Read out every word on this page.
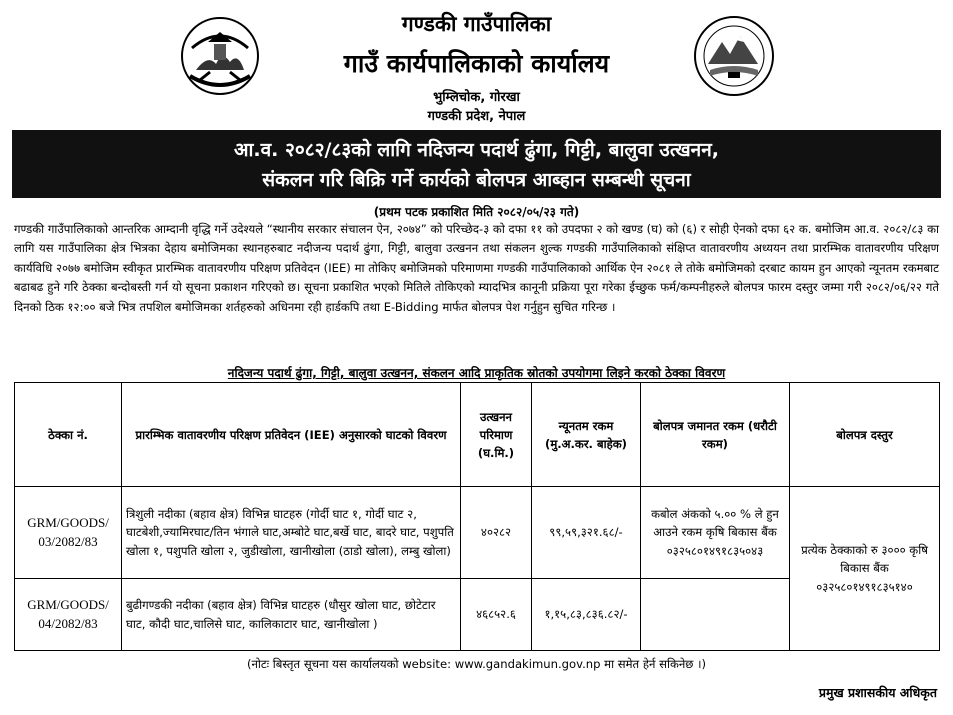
गण्डकी गाउँपालिका
गाउँ कार्यपालिकाको कार्यालय
भुम्लिचोक, गोरखा
गण्डकी प्रदेश, नेपाल
आ.व. २०८२/८३को लागि नदिजन्य पदार्थ ढुंगा, गिट्टी, बालुवा उत्खनन,
संकलन गरि बिक्रि गर्ने कार्यको बोलपत्र आब्हान सम्बन्धी सूचना
(प्रथम पटक प्रकाशित मिति २०८२/०५/२३ गते)
गण्डकी गाउँपालिकाको आन्तरिक आम्दानी वृद्धि गर्ने उदेश्यले “स्थानीय सरकार संचालन ऐन, २०७४” को परिच्छेद-३ को दफा ११ को उपदफा २ को खण्ड (घ) को (६) र सोही ऐनको दफा ६२ क. बमोजिम आ.व. २०८२/८३ का लागि यस गाउँपालिका क्षेत्र भित्रका देहाय बमोजिमका स्थानहरुबाट नदीजन्य पदार्थ ढुंगा, गिट्टी, बालुवा उत्खनन तथा संकलन शुल्क गण्डकी गाउँपालिकाको संक्षिप्त वातावरणीय अध्ययन तथा प्रारम्भिक वातावरणीय परिक्षण कार्यविधि २०७७ बमोजिम स्वीकृत प्रारम्भिक वातावरणीय परिक्षण प्रतिवेदन (IEE) मा तोकिए बमोजिमको परिमाणमा गण्डकी गाउँपालिकाको आर्थिक ऐन २०८१ ले तोके बमोजिमको दरबाट कायम हुन आएको न्यूनतम रकमबाट बढाबढ हुने गरि ठेक्का बन्दोबस्ती गर्न यो सूचना प्रकाशन गरिएको छ। सूचना प्रकाशित भएको मितिले तोकिएको म्यादभित्र कानूनी प्रक्रिया पूरा गरेका ईच्छुक फर्म/कम्पनीहरुले बोलपत्र फारम दस्तुर जम्मा गरी २०८२/०६/२२ गते दिनको ठिक १२:०० बजे भित्र तपशिल बमोजिमका शर्तहरुको अधिनमा रही हार्डकपि तथा E-Bidding मार्फत बोलपत्र पेश गर्नुहुन सुचित गरिन्छ ।
नदिजन्य पदार्थ ढुंगा, गिट्टी, बालुवा उत्खनन, संकलन आदि प्राकृतिक स्रोतको उपयोगमा लिइने करको ठेक्का विवरण
ठेक्का नं.	प्रारम्भिक वातावरणीय परिक्षण प्रतिवेदन (IEE) अनुसारको घाटको विवरण	उत्खनन परिमाण (घ.मि.)	न्यूनतम रकम (मु.अ.कर. बाहेक)	बोलपत्र जमानत रकम (धरौटी रकम)	बोलपत्र दस्तुर
GRM/GOODS/ 03/2082/83	त्रिशुली नदीका (बहाव क्षेत्र) विभिन्न घाटहरु (गोर्दी घाट १, गोर्दी घाट २, घाटबेशी,ज्यामिरघाट/तिन भंगाले घाट,अम्बोटे घाट,बर्खे घाट, बादरे घाट, पशुपति खोला १, पशुपति खोला २, जुडीखोला, खानीखोला (ठाडो खोला), लम्बु खोला)	४०२८२	९९,५९,३२१.६८/-	कबोल अंकको ५.०० % ले हुन आउने रकम कृषि बिकास बैंक ०३२५८०१४९१८३५०४३	प्रत्येक ठेक्काको रु ३००० कृषि बिकास बैंक ०३२५८०१४९१८३५१४०
GRM/GOODS/ 04/2082/83	बुढीगण्डकी नदीका (बहाव क्षेत्र) विभिन्न घाटहरु (धौसुर खोला घाट, छोटेटार घाट, कौदी घाट,चालिसे घाट, कालिकाटार घाट, खानीखोला )	४६८५२.६	१,१५,८३,८३६.८२/-		
(नोटः बिस्तृत सूचना यस कार्यालयको website: www.gandakimun.gov.np मा समेत हेर्न सकिनेछ ।)
प्रमुख प्रशासकीय अधिकृत
